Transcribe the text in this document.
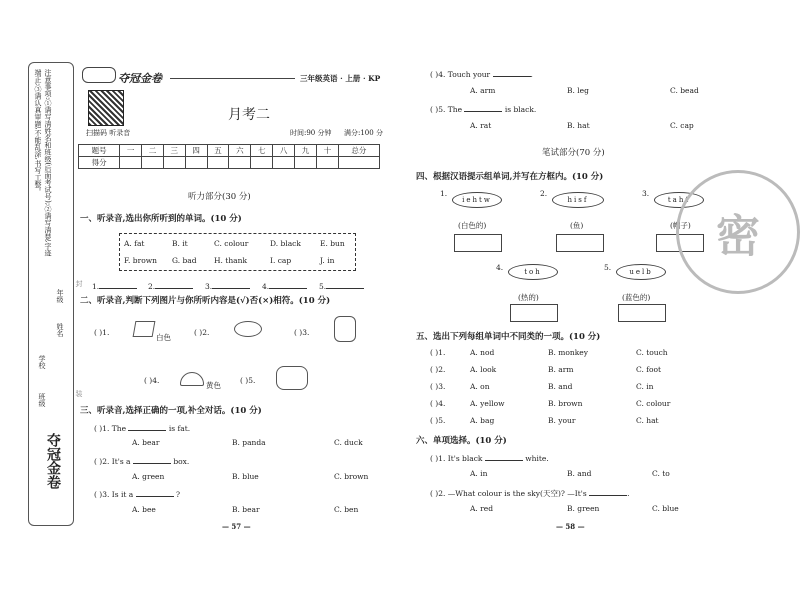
注意事项:①请写清姓名和班级(后面考试号);②请写清楚,字迹端正;③请认真审题,不能乱涂,书写工整。
年级
姓名
学校
班级
夺冠金卷
封
装
夺冠金卷	三年级英语 · 上册 · KP
扫描码 听录音
月考二
时间:90 分钟 满分:100 分
题号	一	二	三	四	五	六	七	八	九	十	总分
得分											
听力部分(30 分)
一、听录音,选出你所听到的单词。(10 分)
A. fat	B. it	C. colour	D. black	E. bun
F. brown G. bad H. thank	I. cap	J. in
1.	2.	3.	4.	5.
二、听录音,判断下列图片与你所听内容是(√)否(×)相符。(10 分)
( )1.
白色
( )2.	( )3.
( )4.
黄色
( )5.
三、听录音,选择正确的一项,补全对话。(10 分)
( )1. The	is fat.
A. bear	B. panda	C. duck
( )2. It's a	box.
A. green	B. blue	C. brown
( )3. Is it a	?
A. bee	B. bear	C. ben
— 57 —
( )4. Touch your	.
A. arm	B. leg	C. bead
( )5. The	is black.
A. rat	B. hat	C. cap
笔试部分(70 分)
四、根据汉语提示组单词,并写在方框内。(10 分)
1.
iehtw
(白色的)
2.
hisf
(鱼)
3.
taht
(帽子)
4.	toh
(热的)
5.	uelb
(蓝色的)
密
五、选出下列每组单词中不同类的一项。(10 分)
( )1.	A. nod	B. monkey	C. touch
( )2.	A. look	B. arm	C. foot
( )3.	A. on	B. and	C. in
( )4.	A. yellow	B. brown	C. colour
( )5.	A. bag	B. your	C. hat
六、单项选择。(10 分)
( )1. It's black	white.
A. in	B. and	C. to
( )2. —What colour is the sky(天空)? —It's	.
A. red	B. green	C. blue
— 58 —
